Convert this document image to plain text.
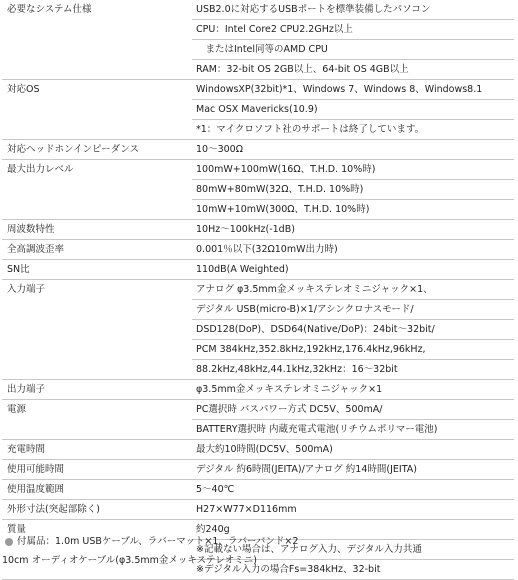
必要なシステム仕様	USB2.0に対応するUSBポートを標準装備したパソコン
CPU：Intel Core2 CPU2.2GHz以上
　またはIntel同等のAMD CPU
RAM：32-bit OS 2GB以上、64-bit OS 4GB以上
対応OS	WindowsXP(32bit)*1、Windows 7、Windows 8、Windows8.1
Mac OSX Mavericks(10.9)
*1：マイクロソフト社のサポートは終了しています。
対応ヘッドホンインピーダンス	10～300Ω
最大出力レベル	100mW+100mW(16Ω、T.H.D. 10%時)
80mW+80mW(32Ω、T.H.D. 10%時)
10mW+10mW(300Ω、T.H.D. 10%時)
周波数特性	10Hz～100kHz(-1dB)
全高調波歪率	0.001％以下(32Ω10mW出力時)
SN比	110dB(A Weighted)
入力端子	アナログ φ3.5mm金メッキステレオミニジャック×1、
デジタル USB(micro-B)×1/アシンクロナスモード/
DSD128(DoP)、DSD64(Native/DoP)：24bit～32bit/
PCM 384kHz,352.8kHz,192kHz,176.4kHz,96kHz,
88.2kHz,48kHz,44.1kHz,32kHz：16～32bit
出力端子	φ3.5mm金メッキステレオミニジャック×1
電源	PC選択時 バスパワー方式 DC5V、500mA/
BATTERY選択時 内蔵充電式電池(リチウムポリマー電池)
充電時間	最大約10時間(DC5V、500mA)
使用可能時間	デジタル 約6時間(JEITA)/アナログ 約14時間(JEITA)
使用温度範囲	5～40℃
外形寸法(突起部除く)	H27×W77×D116mm
質量	約240g
※記載ない場合は、アナログ入力、デジタル入力共通
※デジタル入力の場合Fs=384kHz、32-bit
付属品：1.0m USBケーブル、ラバーマット×1、ラバーバンド×2
10cm オーディオケーブル(φ3.5mm金メッキステレオミニ)
